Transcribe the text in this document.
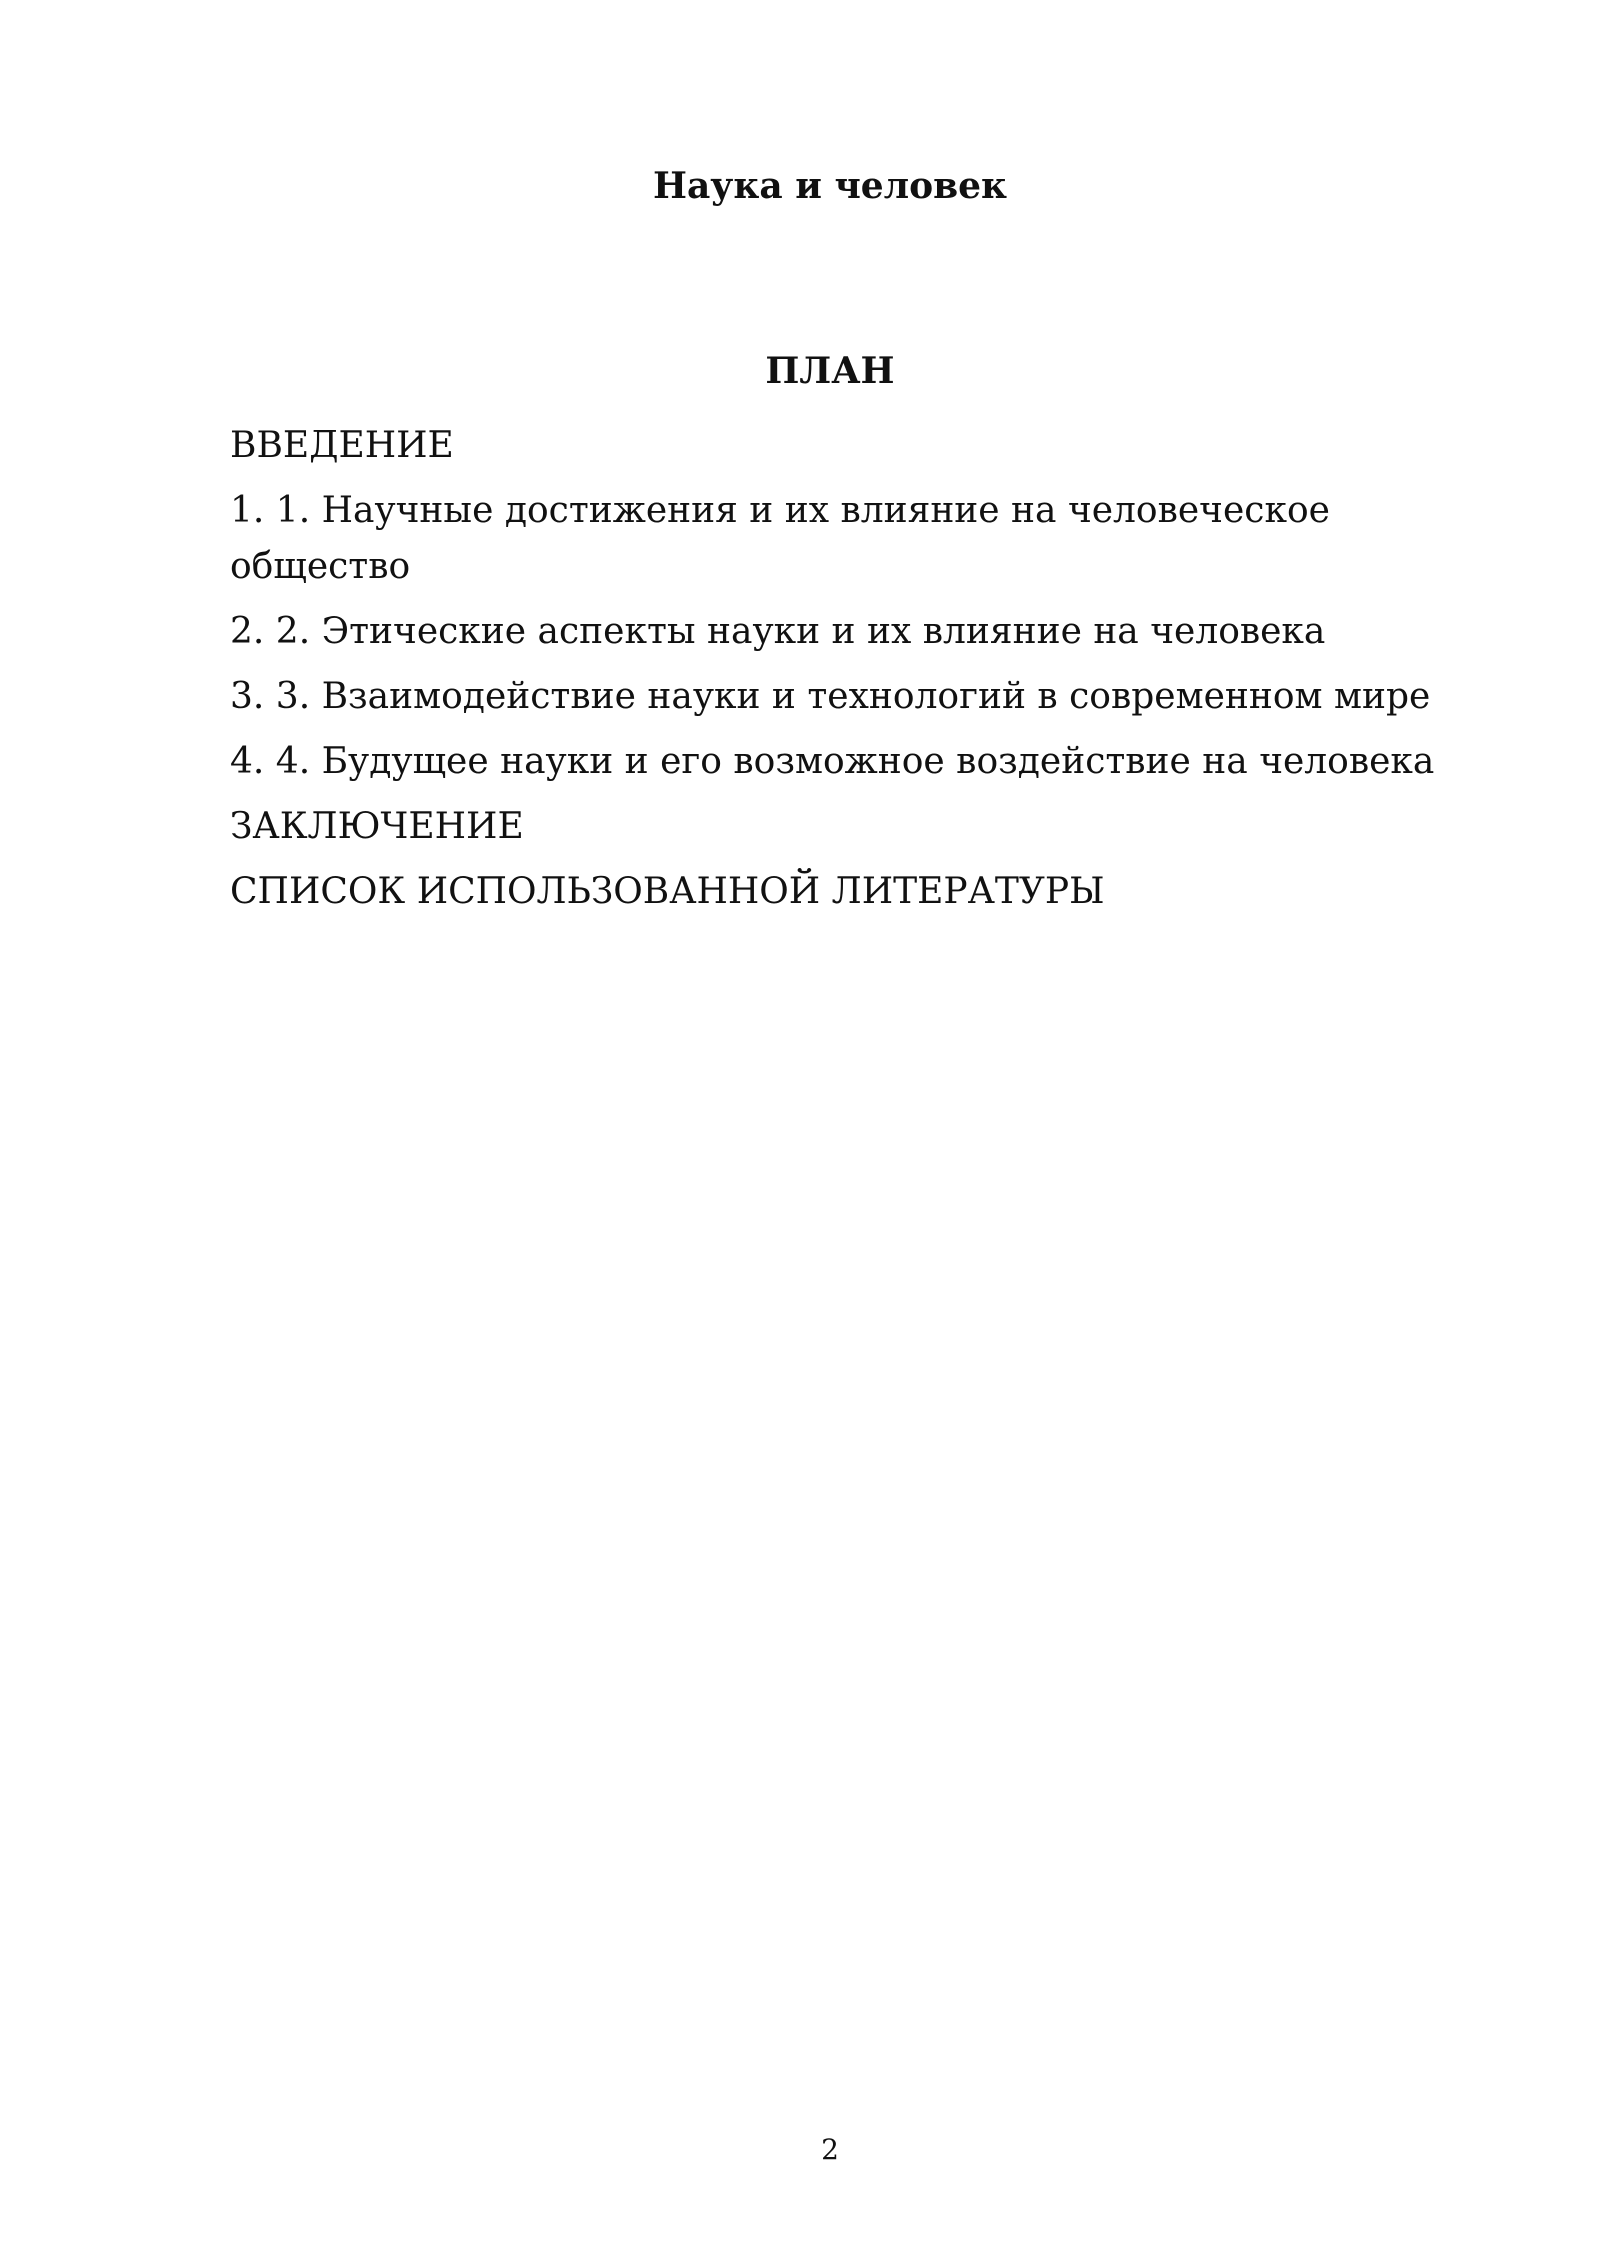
Наука и человек
ПЛАН
ВВЕДЕНИЕ
1. 1. Научные достижения и их влияние на человеческое общество
2. 2. Этические аспекты науки и их влияние на человека
3. 3. Взаимодействие науки и технологий в современном мире
4. 4. Будущее науки и его возможное воздействие на человека
ЗАКЛЮЧЕНИЕ
СПИСОК ИСПОЛЬЗОВАННОЙ ЛИТЕРАТУРЫ
2
